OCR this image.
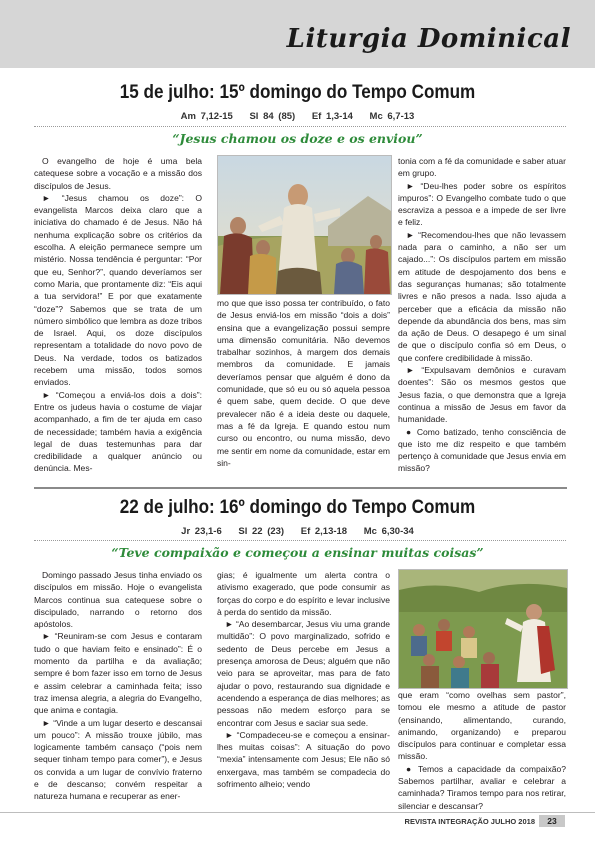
Liturgia Dominical
15 de julho: 15º domingo do Tempo Comum
Am 7,12-15 Sl 84 (85) Ef 1,3-14 Mc 6,7-13
“Jesus chamou os doze e os enviou”

O evangelho de hoje é uma bela catequese sobre a vocação e a missão dos discípulos de Jesus.

► “Jesus chamou os doze”: O evangelista Marcos deixa claro que a iniciativa do chamado é de Jesus. Não há nenhuma explicação sobre os critérios da escolha. A eleição permanece sempre um mistério. Nossa tendência é perguntar: “Por que eu, Senhor?”, quando deveríamos ser como Maria, que prontamente diz: “Eis aqui a tua servidora!” E por que exatamente “doze”? Sabemos que se trata de um número simbólico que lembra as doze tribos de Israel. Aqui, os doze discípulos representam a totalidade do novo povo de Deus. Na verdade, todos os batizados recebem uma missão, todos somos enviados.

► “Começou a enviá-los dois a dois”: Entre os judeus havia o costume de viajar acompanhado, a fim de ter ajuda em caso de necessidade; também havia a exigência legal de duas testemunhas para dar credibilidade a qualquer anúncio ou denúncia. Mes-

mo que que isso possa ter contribuído, o fato de Jesus enviá-los em missão “dois a dois” ensina que a evangelização possui sempre uma dimensão comunitária. Não devemos trabalhar sozinhos, à margem dos demais membros da comunidade. E jamais deveríamos pensar que alguém é dono da comunidade, que só eu ou só aquela pessoa é quem sabe, quem decide. O que deve prevalecer não é a ideia deste ou daquele, mas a fé da Igreja. E quando estou num curso ou encontro, ou numa missão, devo me sentir em nome da comunidade, estar em sin-

tonia com a fé da comunidade e saber atuar em grupo.

► “Deu-lhes poder sobre os espíritos impuros”: O Evangelho combate tudo o que escraviza a pessoa e a impede de ser livre e feliz.

► “Recomendou-lhes que não levassem nada para o caminho, a não ser um cajado...”: Os discípulos partem em missão em atitude de despojamento dos bens e das seguranças humanas; são totalmente livres e não presos a nada. Isso ajuda a perceber que a eficácia da missão não depende da abundância dos bens, mas sim da ação de Deus. O desapego é um sinal de que o discípulo confia só em Deus, o que confere credibilidade à missão.

► “Expulsavam demônios e curavam doentes”: São os mesmos gestos que Jesus fazia, o que demonstra que a Igreja continua a missão de Jesus em favor da humanidade.

● Como batizado, tenho consciência de que isto me diz respeito e que também pertenço à comunidade que Jesus envia em missão?

22 de julho: 16º domingo do Tempo Comum
Jr 23,1-6 Sl 22 (23) Ef 2,13-18 Mc 6,30-34
“Teve compaixão e começou a ensinar muitas coisas”

Domingo passado Jesus tinha enviado os discípulos em missão. Hoje o evangelista Marcos continua sua catequese sobre o discipulado, narrando o retorno dos apóstolos.

► “Reuniram-se com Jesus e contaram tudo o que haviam feito e ensinado”: É o momento da partilha e da avaliação; sempre é bom fazer isso em torno de Jesus e assim celebrar a caminhada feita; isso traz imensa alegria, a alegria do Evangelho, que anima e contagia.

► “Vinde a um lugar deserto e descansai um pouco”: A missão trouxe júbilo, mas logicamente também cansaço (“pois nem sequer tinham tempo para comer”), e Jesus os convida a um lugar de convívio fraterno e de descanso; convém respeitar a natureza humana e recuperar as ener-

gias; é igualmente um alerta contra o ativismo exagerado, que pode consumir as forças do corpo e do espírito e levar inclusive à perda do sentido da missão.

► “Ao desembarcar, Jesus viu uma grande multidão”: O povo marginalizado, sofrido e sedento de Deus percebe em Jesus a presença amorosa de Deus; alguém que não veio para se aproveitar, mas para de fato ajudar o povo, restaurando sua dignidade e acendendo a esperança de dias melhores; as pessoas não medem esforço para se encontrar com Jesus e saciar sua sede.

► “Compadeceu-se e começou a ensinar-lhes muitas coisas”: A situação do povo “mexia” intensamente com Jesus; Ele não só enxergava, mas também se compadecia do sofrimento alheio; vendo

que eram “como ovelhas sem pastor”, tomou ele mesmo a atitude de pastor (ensinando, alimentando, curando, animando, organizando) e preparou discípulos para continuar e completar essa missão.

● Temos a capacidade da compaixão? Sabemos partilhar, avaliar e celebrar a caminhada? Tiramos tempo para nos retirar, silenciar e descansar?

REVISTA INTEGRAÇÃO JULHO 2018	23
